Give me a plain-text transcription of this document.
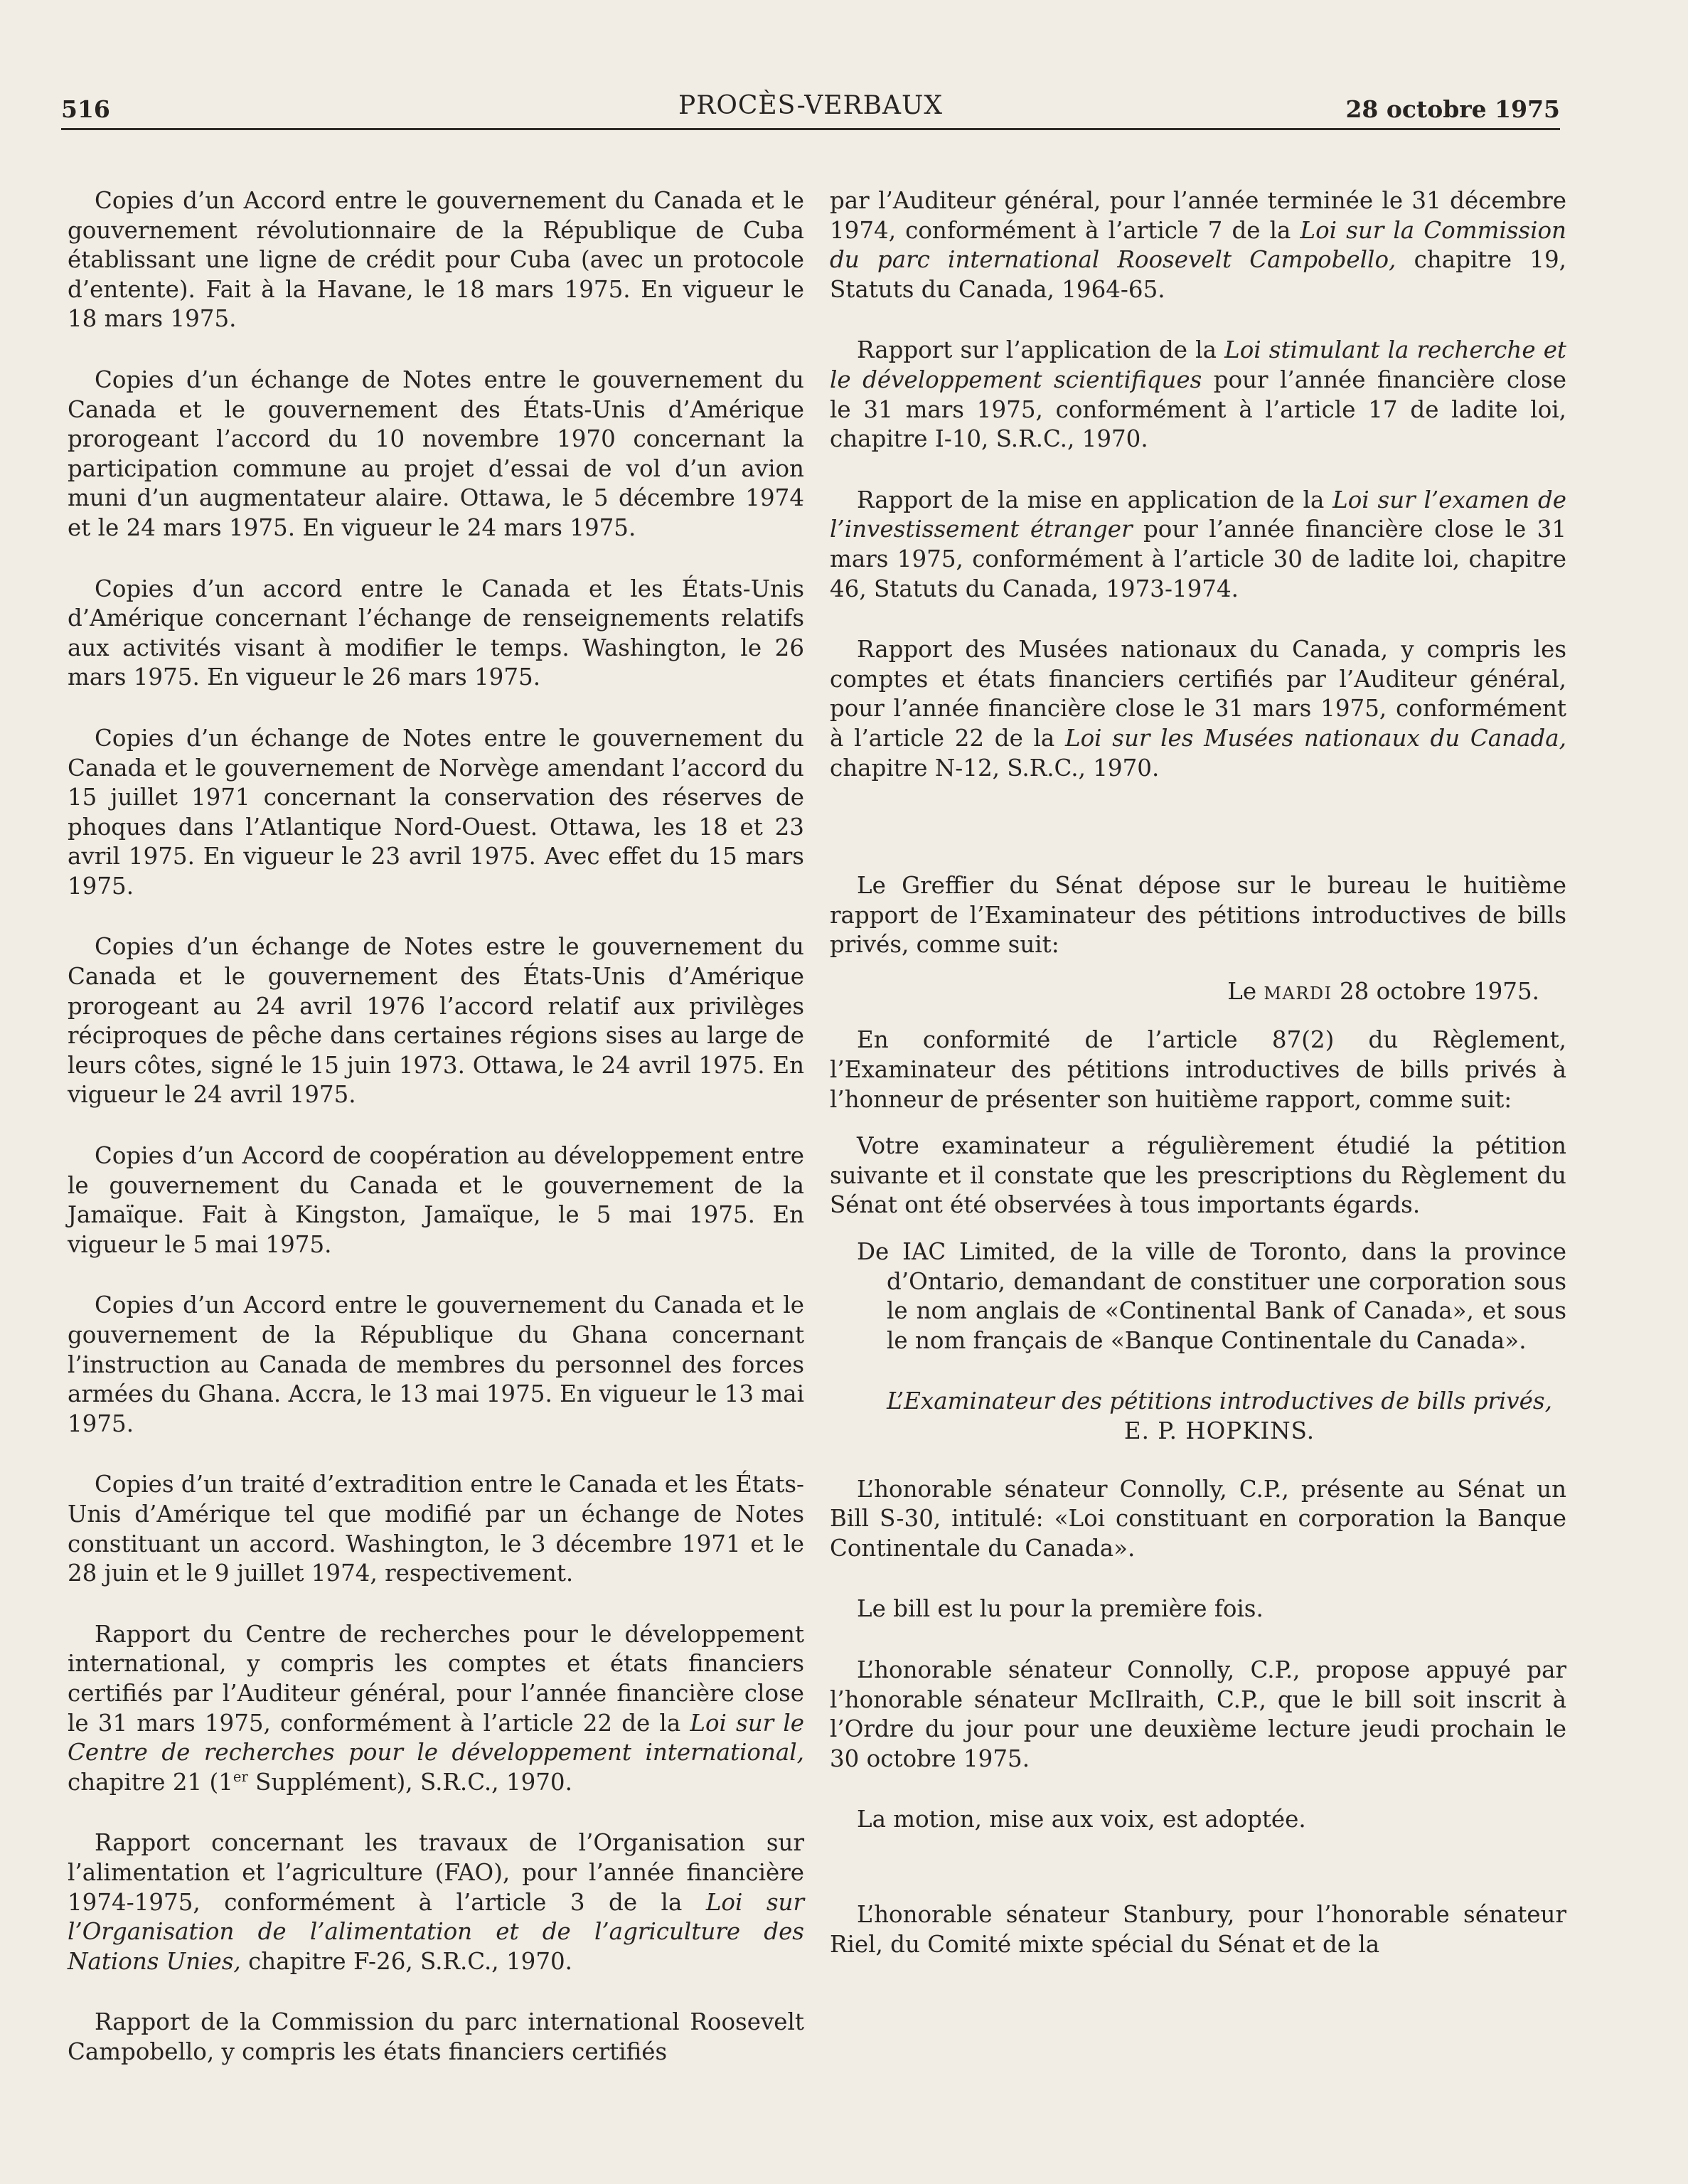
516	PROCÈS-VERBAUX	28 octobre 1975

Copies d’un Accord entre le gouvernement du Canada et le gouvernement révolutionnaire de la République de Cuba établissant une ligne de crédit pour Cuba (avec un protocole d’entente). Fait à la Havane, le 18 mars 1975. En vigueur le 18 mars 1975.

Copies d’un échange de Notes entre le gouvernement du Canada et le gouvernement des États-Unis d’Amérique prorogeant l’accord du 10 novembre 1970 concernant la participation commune au projet d’essai de vol d’un avion muni d’un augmentateur alaire. Ottawa, le 5 décembre 1974 et le 24 mars 1975. En vigueur le 24 mars 1975.

Copies d’un accord entre le Canada et les États-Unis d’Amérique concernant l’échange de renseignements relatifs aux activités visant à modifier le temps. Washington, le 26 mars 1975. En vigueur le 26 mars 1975.

Copies d’un échange de Notes entre le gouvernement du Canada et le gouvernement de Norvège amendant l’accord du 15 juillet 1971 concernant la conservation des réserves de phoques dans l’Atlantique Nord-Ouest. Ottawa, les 18 et 23 avril 1975. En vigueur le 23 avril 1975. Avec effet du 15 mars 1975.

Copies d’un échange de Notes estre le gouvernement du Canada et le gouvernement des États-Unis d’Amérique prorogeant au 24 avril 1976 l’accord relatif aux privilèges réciproques de pêche dans certaines régions sises au large de leurs côtes, signé le 15 juin 1973. Ottawa, le 24 avril 1975. En vigueur le 24 avril 1975.

Copies d’un Accord de coopération au développement entre le gouvernement du Canada et le gouvernement de la Jamaïque. Fait à Kingston, Jamaïque, le 5 mai 1975. En vigueur le 5 mai 1975.

Copies d’un Accord entre le gouvernement du Canada et le gouvernement de la République du Ghana concernant l’instruction au Canada de membres du personnel des forces armées du Ghana. Accra, le 13 mai 1975. En vigueur le 13 mai 1975.

Copies d’un traité d’extradition entre le Canada et les États-Unis d’Amérique tel que modifié par un échange de Notes constituant un accord. Washington, le 3 décembre 1971 et le 28 juin et le 9 juillet 1974, respectivement.

Rapport du Centre de recherches pour le développement international, y compris les comptes et états financiers certifiés par l’Auditeur général, pour l’année financière close le 31 mars 1975, conformément à l’article 22 de la Loi sur le Centre de recherches pour le développement international, chapitre 21 (1er Supplément), S.R.C., 1970.

Rapport concernant les travaux de l’Organisation sur l’alimentation et l’agriculture (FAO), pour l’année financière 1974-1975, conformément à l’article 3 de la Loi sur l’Organisation de l’alimentation et de l’agriculture des Nations Unies, chapitre F-26, S.R.C., 1970.

Rapport de la Commission du parc international Roosevelt Campobello, y compris les états financiers certifiés

par l’Auditeur général, pour l’année terminée le 31 décembre 1974, conformément à l’article 7 de la Loi sur la Commission du parc international Roosevelt Campobello, chapitre 19, Statuts du Canada, 1964-65.

Rapport sur l’application de la Loi stimulant la recherche et le développement scientifiques pour l’année financière close le 31 mars 1975, conformément à l’article 17 de ladite loi, chapitre I-10, S.R.C., 1970.

Rapport de la mise en application de la Loi sur l’examen de l’investissement étranger pour l’année financière close le 31 mars 1975, conformément à l’article 30 de ladite loi, chapitre 46, Statuts du Canada, 1973-1974.

Rapport des Musées nationaux du Canada, y compris les comptes et états financiers certifiés par l’Auditeur général, pour l’année financière close le 31 mars 1975, conformément à l’article 22 de la Loi sur les Musées nationaux du Canada, chapitre N-12, S.R.C., 1970.

Le Greffier du Sénat dépose sur le bureau le huitième rapport de l’Examinateur des pétitions introductives de bills privés, comme suit:

Le MARDI 28 octobre 1975.

En conformité de l’article 87(2) du Règlement, l’Examinateur des pétitions introductives de bills privés à l’honneur de présenter son huitième rapport, comme suit:

Votre examinateur a régulièrement étudié la pétition suivante et il constate que les prescriptions du Règlement du Sénat ont été observées à tous importants égards.

De IAC Limited, de la ville de Toronto, dans la province d’Ontario, demandant de constituer une corporation sous le nom anglais de «Continental Bank of Canada», et sous le nom français de «Banque Continentale du Canada».

L’Examinateur des pétitions introductives de bills privés,
E. P. HOPKINS.

L’honorable sénateur Connolly, C.P., présente au Sénat un Bill S-30, intitulé: «Loi constituant en corporation la Banque Continentale du Canada».

Le bill est lu pour la première fois.

L’honorable sénateur Connolly, C.P., propose appuyé par l’honorable sénateur McIlraith, C.P., que le bill soit inscrit à l’Ordre du jour pour une deuxième lecture jeudi prochain le 30 octobre 1975.

La motion, mise aux voix, est adoptée.

L’honorable sénateur Stanbury, pour l’honorable sénateur Riel, du Comité mixte spécial du Sénat et de la
